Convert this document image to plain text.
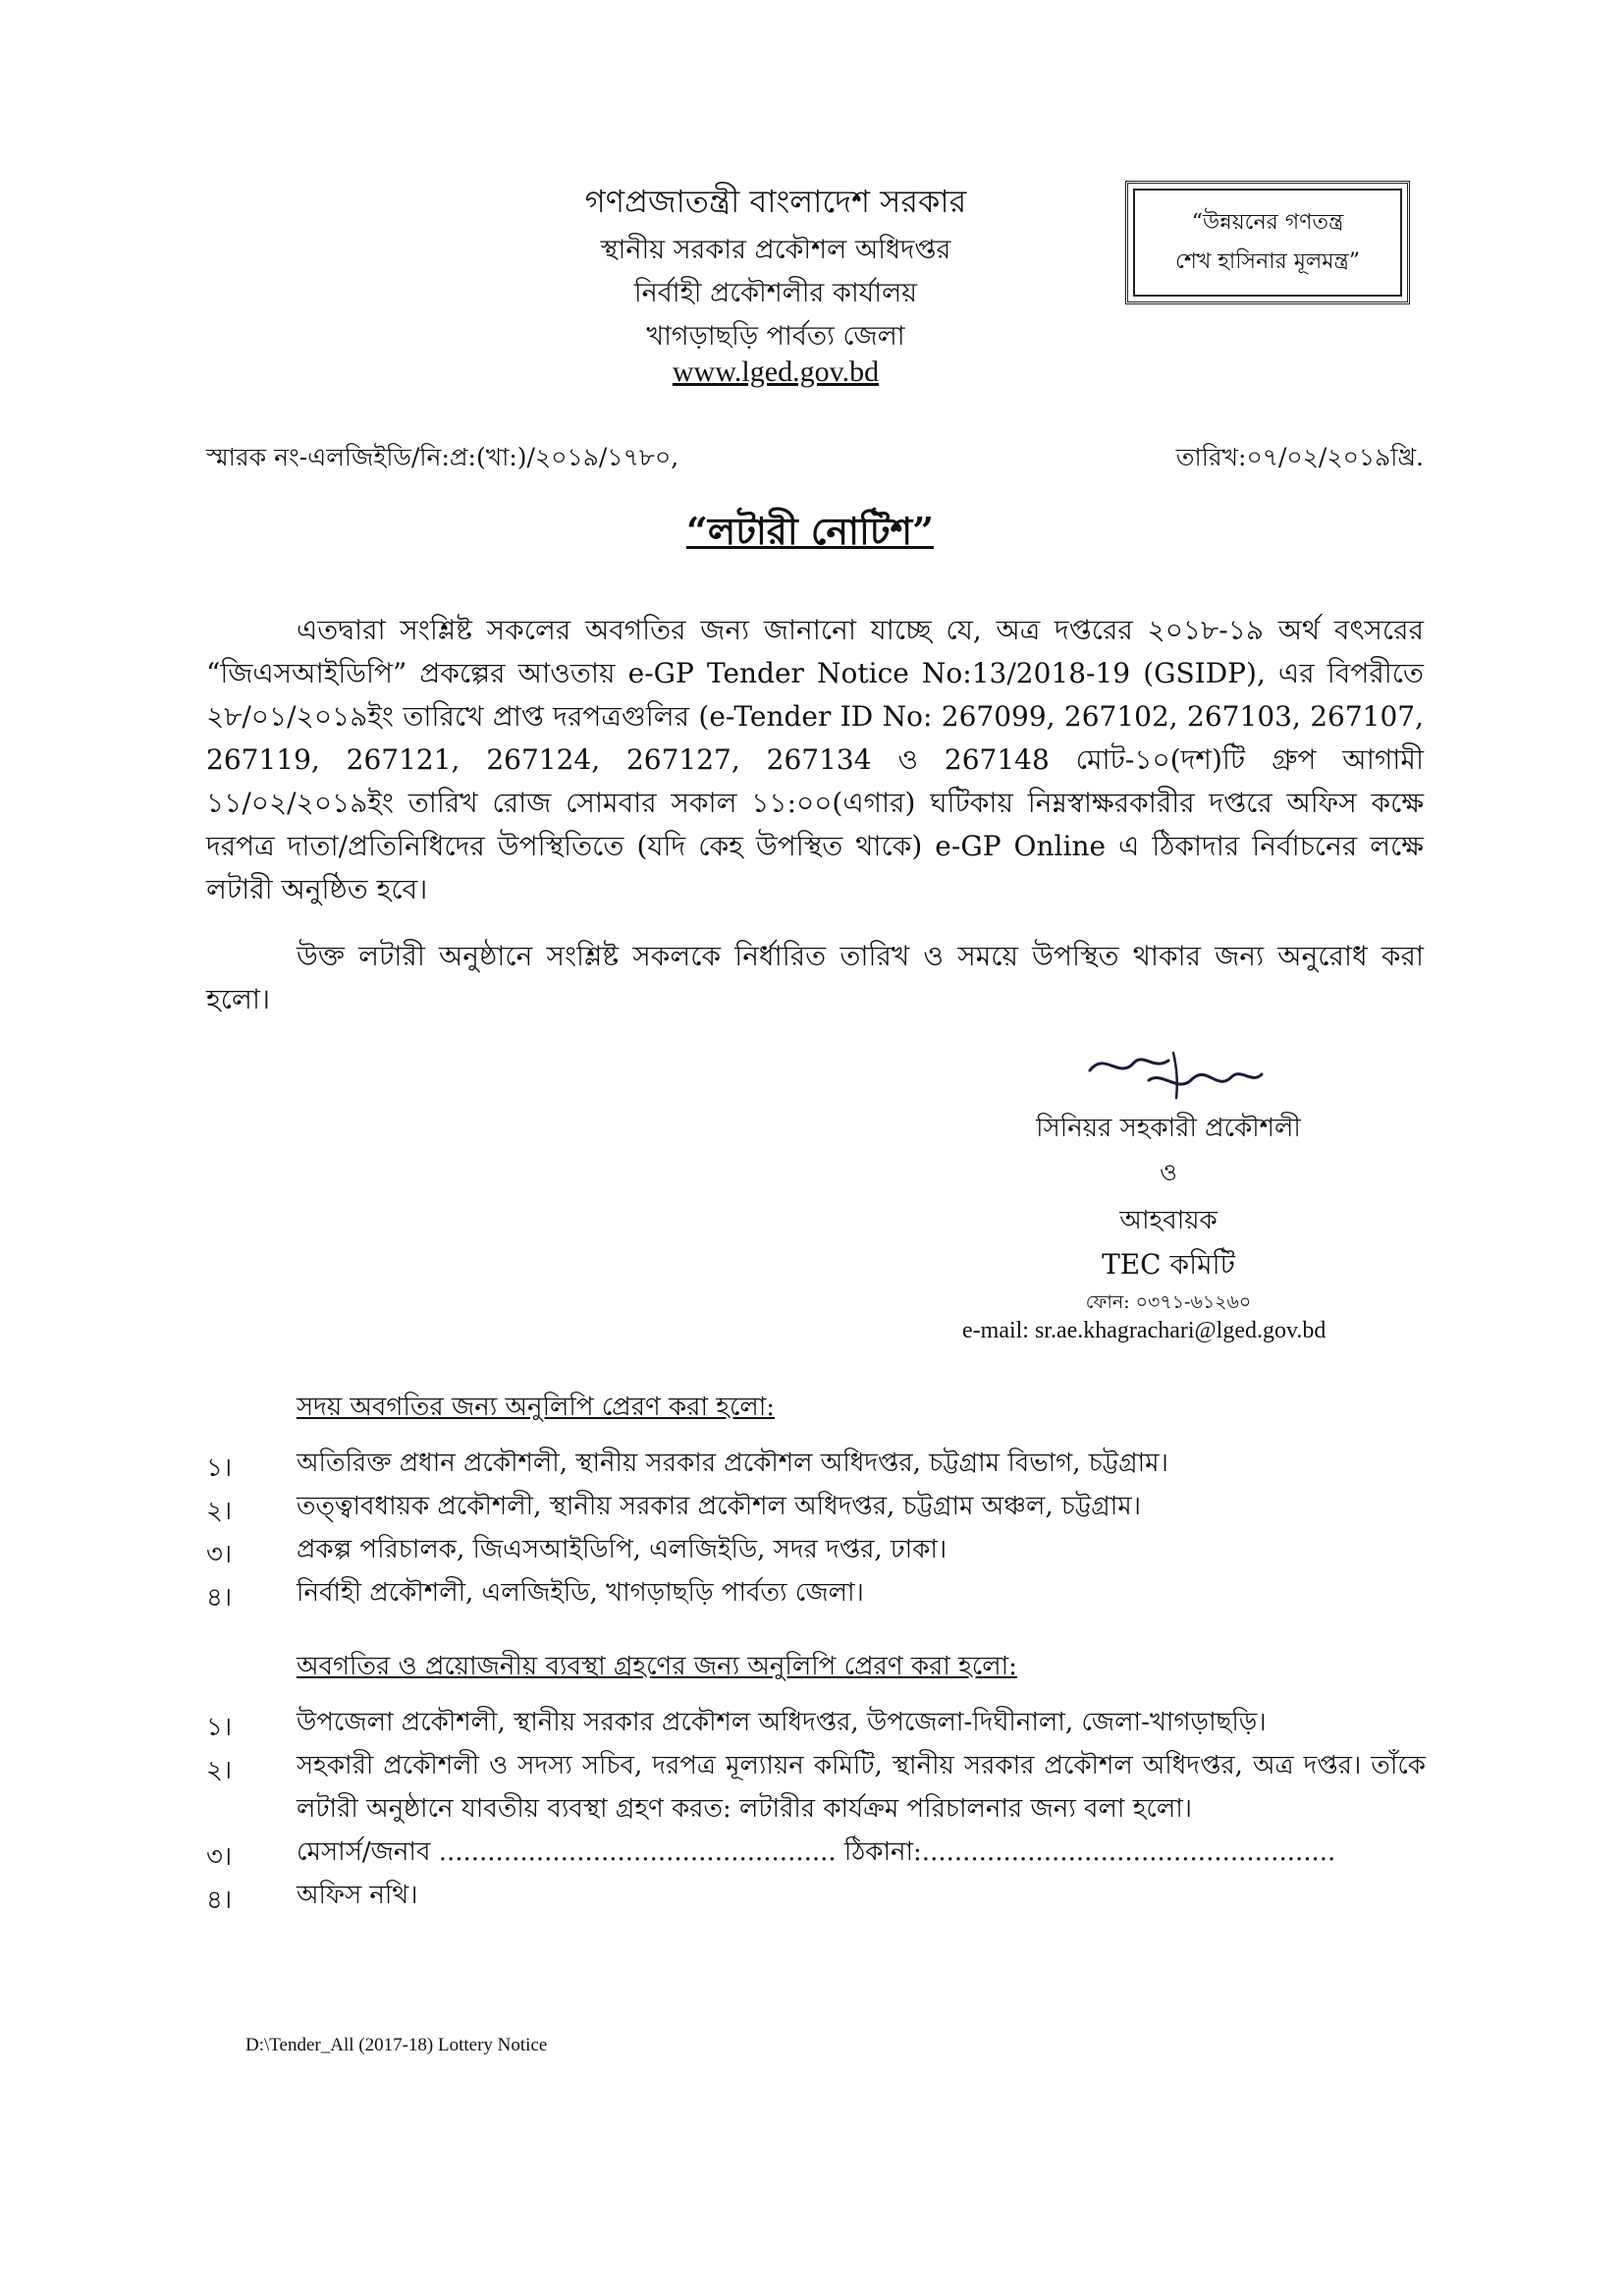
গণপ্রজাতন্ত্রী বাংলাদেশ সরকার
স্থানীয় সরকার প্রকৌশল অধিদপ্তর
নির্বাহী প্রকৌশলীর কার্যালয়
খাগড়াছড়ি পার্বত্য জেলা
www.lged.gov.bd
“উন্নয়নের গণতন্ত্র
শেখ হাসিনার মূলমন্ত্র”
স্মারক নং-এলজিইডি/নি:প্র:(খা:)/২০১৯/১৭৮০,	তারিখ:০৭/০২/২০১৯খ্রি.
“লটারী নোটিশ”
এতদ্বারা সংশ্লিষ্ট সকলের অবগতির জন্য জানানো যাচ্ছে যে, অত্র দপ্তরের ২০১৮-১৯ অর্থ বৎসরের “জিএসআইডিপি” প্রকল্পের আওতায় e-GP Tender Notice No:13/2018-19 (GSIDP), এর বিপরীতে ২৮/০১/২০১৯ইং তারিখে প্রাপ্ত দরপত্রগুলির (e-Tender ID No: 267099, 267102, 267103, 267107, 267119, 267121, 267124, 267127, 267134 ও 267148 মোট-১০(দশ)টি গ্রুপ আগামী ১১/০২/২০১৯ইং তারিখ রোজ সোমবার সকাল ১১:০০(এগার) ঘটিকায় নিম্নস্বাক্ষরকারীর দপ্তরে অফিস কক্ষে দরপত্র দাতা/প্রতিনিধিদের উপস্থিতিতে (যদি কেহ উপস্থিত থাকে) e-GP Online এ ঠিকাদার নির্বাচনের লক্ষে লটারী অনুষ্ঠিত হবে।
উক্ত লটারী অনুষ্ঠানে সংশ্লিষ্ট সকলকে নির্ধারিত তারিখ ও সময়ে উপস্থিত থাকার জন্য অনুরোধ করা হলো।
সিনিয়র সহকারী প্রকৌশলী
ও
আহবায়ক
TEC কমিটি
ফোন: ০৩৭১-৬১২৬০
e-mail: sr.ae.khagrachari@lged.gov.bd
সদয় অবগতির জন্য অনুলিপি প্রেরণ করা হলো:
১।	অতিরিক্ত প্রধান প্রকৌশলী, স্থানীয় সরকার প্রকৌশল অধিদপ্তর, চট্টগ্রাম বিভাগ, চট্টগ্রাম।
২।	তত্ত্বাবধায়ক প্রকৌশলী, স্থানীয় সরকার প্রকৌশল অধিদপ্তর, চট্টগ্রাম অঞ্চল, চট্টগ্রাম।
৩।	প্রকল্প পরিচালক, জিএসআইডিপি, এলজিইডি, সদর দপ্তর, ঢাকা।
৪।	নির্বাহী প্রকৌশলী, এলজিইডি, খাগড়াছড়ি পার্বত্য জেলা।
অবগতির ও প্রয়োজনীয় ব্যবস্থা গ্রহণের জন্য অনুলিপি প্রেরণ করা হলো:
১।	উপজেলা প্রকৌশলী, স্থানীয় সরকার প্রকৌশল অধিদপ্তর, উপজেলা-দিঘীনালা, জেলা-খাগড়াছড়ি।
২।	সহকারী প্রকৌশলী ও সদস্য সচিব, দরপত্র মূল্যায়ন কমিটি, স্থানীয় সরকার প্রকৌশল অধিদপ্তর, অত্র দপ্তর। তাঁকে লটারী অনুষ্ঠানে যাবতীয় ব্যবস্থা গ্রহণ করত: লটারীর কার্যক্রম পরিচালনার জন্য বলা হলো।
৩।	মেসার্স/জনাব ................................................. ঠিকানা:...................................................
৪।	অফিস নথি।
D:\Tender_All (2017-18) Lottery Notice
